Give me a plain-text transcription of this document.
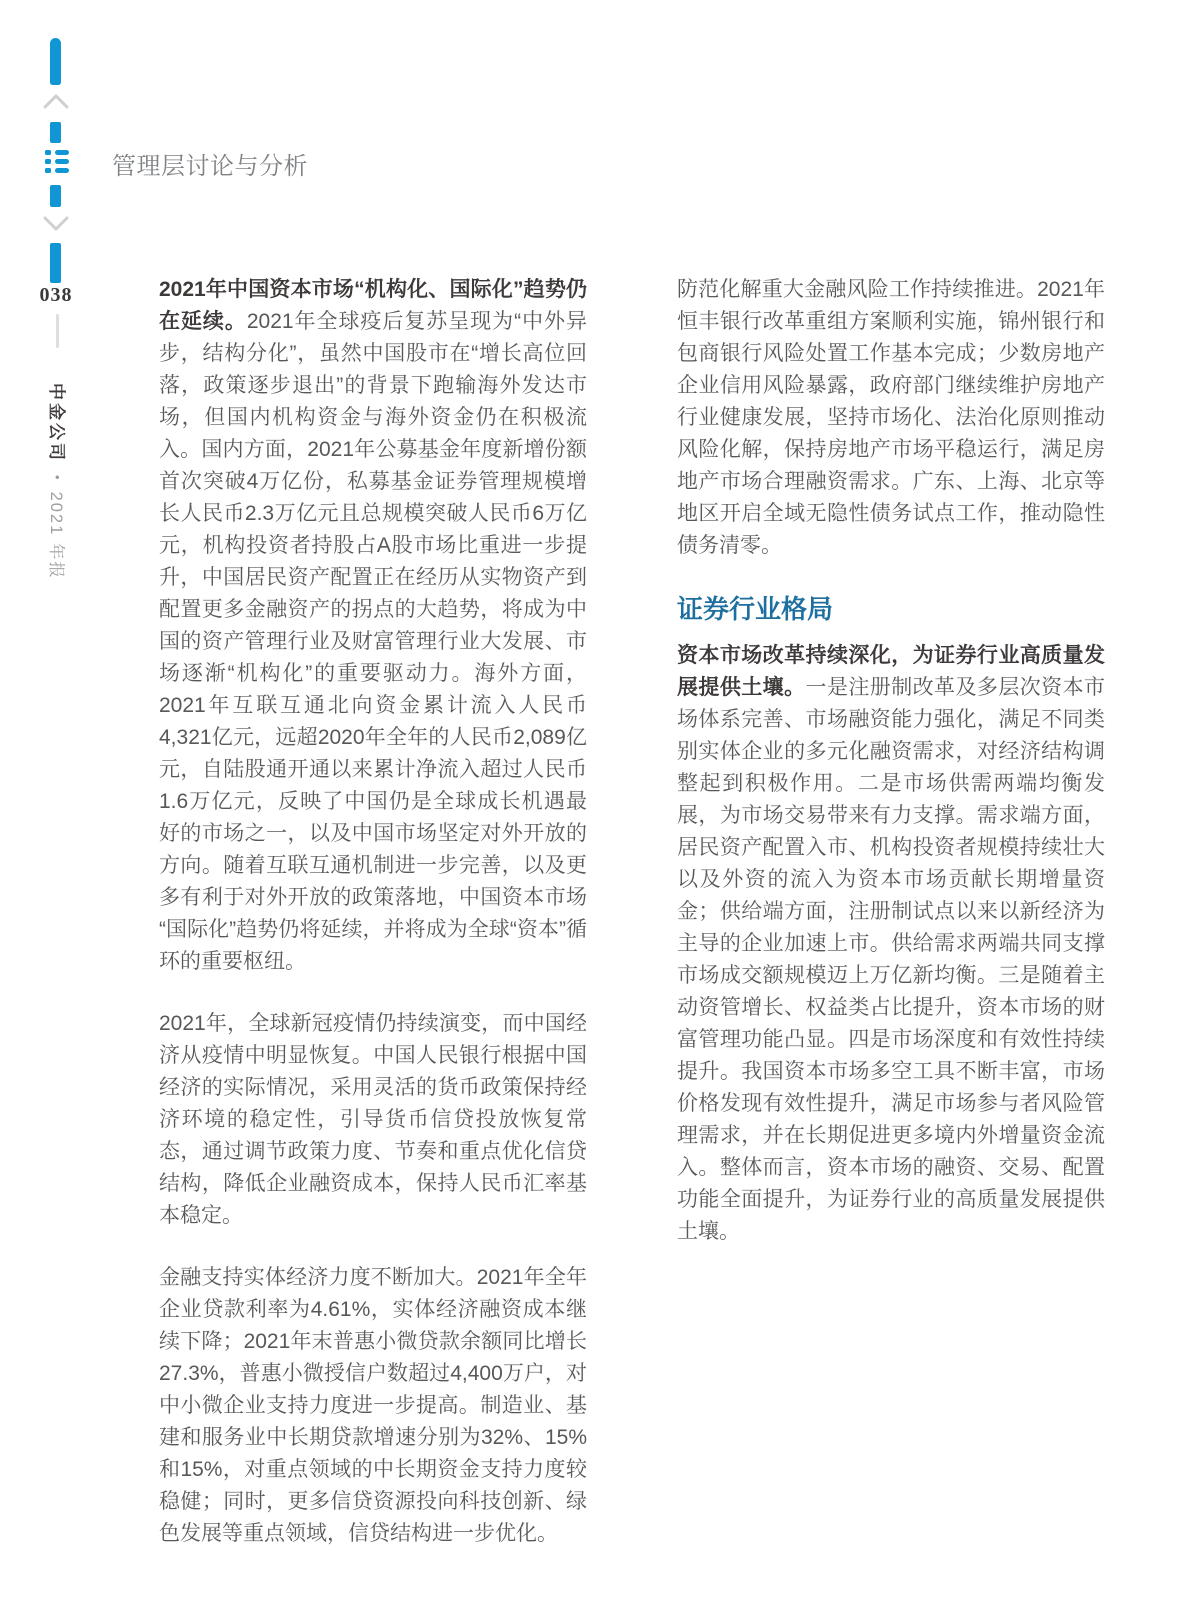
038
中金公司•2021 年报
管理层讨论与分析

2021年中国资本市场“机构化、国际化”趋势仍在延续。2021年全球疫后复苏呈现为“中外异步，结构分化”，虽然中国股市在“增长高位回落，政策逐步退出”的背景下跑输海外发达市场，但国内机构资金与海外资金仍在积极流入。国内方面，2021年公募基金年度新增份额首次突破4万亿份，私募基金证券管理规模增长人民币2.3万亿元且总规模突破人民币6万亿元，机构投资者持股占A股市场比重进一步提升，中国居民资产配置正在经历从实物资产到配置更多金融资产的拐点的大趋势，将成为中国的资产管理行业及财富管理行业大发展、市场逐渐“机构化”的重要驱动力。海外方面，2021年互联互通北向资金累计流入人民币4,321亿元，远超2020年全年的人民币2,089亿元，自陆股通开通以来累计净流入超过人民币1.6万亿元，反映了中国仍是全球成长机遇最好的市场之一，以及中国市场坚定对外开放的方向。随着互联互通机制进一步完善，以及更多有利于对外开放的政策落地，中国资本市场“国际化”趋势仍将延续，并将成为全球“资本”循环的重要枢纽。

2021年，全球新冠疫情仍持续演变，而中国经济从疫情中明显恢复。中国人民银行根据中国经济的实际情况，采用灵活的货币政策保持经济环境的稳定性，引导货币信贷投放恢复常态，通过调节政策力度、节奏和重点优化信贷结构，降低企业融资成本，保持人民币汇率基本稳定。

金融支持实体经济力度不断加大。2021年全年企业贷款利率为4.61%，实体经济融资成本继续下降；2021年末普惠小微贷款余额同比增长27.3%，普惠小微授信户数超过4,400万户，对中小微企业支持力度进一步提高。制造业、基建和服务业中长期贷款增速分别为32%、15%和15%，对重点领域的中长期资金支持力度较稳健；同时，更多信贷资源投向科技创新、绿色发展等重点领域，信贷结构进一步优化。

防范化解重大金融风险工作持续推进。2021年恒丰银行改革重组方案顺利实施，锦州银行和包商银行风险处置工作基本完成；少数房地产企业信用风险暴露，政府部门继续维护房地产行业健康发展，坚持市场化、法治化原则推动风险化解，保持房地产市场平稳运行，满足房地产市场合理融资需求。广东、上海、北京等地区开启全域无隐性债务试点工作，推动隐性债务清零。

证券行业格局

资本市场改革持续深化，为证券行业高质量发展提供土壤。一是注册制改革及多层次资本市场体系完善、市场融资能力强化，满足不同类别实体企业的多元化融资需求，对经济结构调整起到积极作用。二是市场供需两端均衡发展，为市场交易带来有力支撑。需求端方面，居民资产配置入市、机构投资者规模持续壮大以及外资的流入为资本市场贡献长期增量资金；供给端方面，注册制试点以来以新经济为主导的企业加速上市。供给需求两端共同支撑市场成交额规模迈上万亿新均衡。三是随着主动资管增长、权益类占比提升，资本市场的财富管理功能凸显。四是市场深度和有效性持续提升。我国资本市场多空工具不断丰富，市场价格发现有效性提升，满足市场参与者风险管理需求，并在长期促进更多境内外增量资金流入。整体而言，资本市场的融资、交易、配置功能全面提升，为证券行业的高质量发展提供土壤。
